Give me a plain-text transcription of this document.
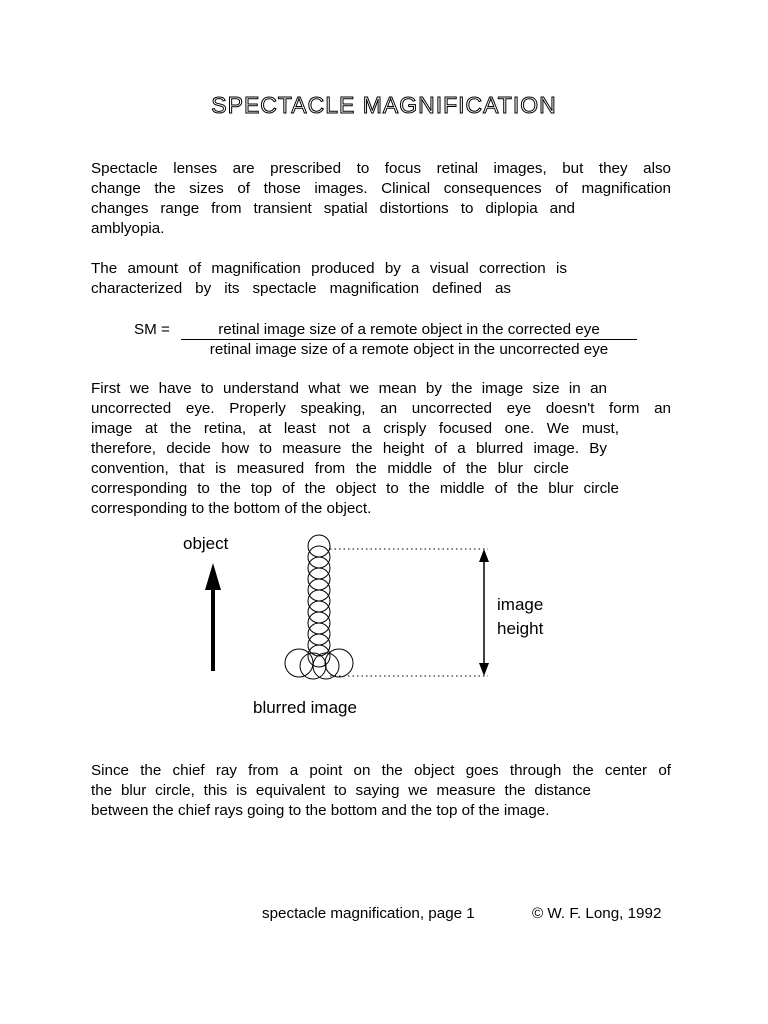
SPECTACLE MAGNIFICATION

Spectacle lenses are prescribed to focus retinal images, but they also
change the sizes of those images. Clinical consequences of magnification
changes range from transient spatial distortions to diplopia and
amblyopia.

The amount of magnification produced by a visual correction is
characterized by its spectacle magnification defined as

SM =	retinal image size of a remote object in the corrected eye
retinal image size of a remote object in the uncorrected eye

First we have to understand what we mean by the image size in an
uncorrected eye. Properly speaking, an uncorrected eye doesn't form an
image at the retina, at least not a crisply focused one. We must,
therefore, decide how to measure the height of a blurred image. By
convention, that is measured from the middle of the blur circle
corresponding to the top of the object to the middle of the blur circle
corresponding to the bottom of the object.

object
image
height
blurred image

Since the chief ray from a point on the object goes through the center of
the blur circle, this is equivalent to saying we measure the distance
between the chief rays going to the bottom and the top of the image.

spectacle magnification, page 1	© W. F. Long, 1992
